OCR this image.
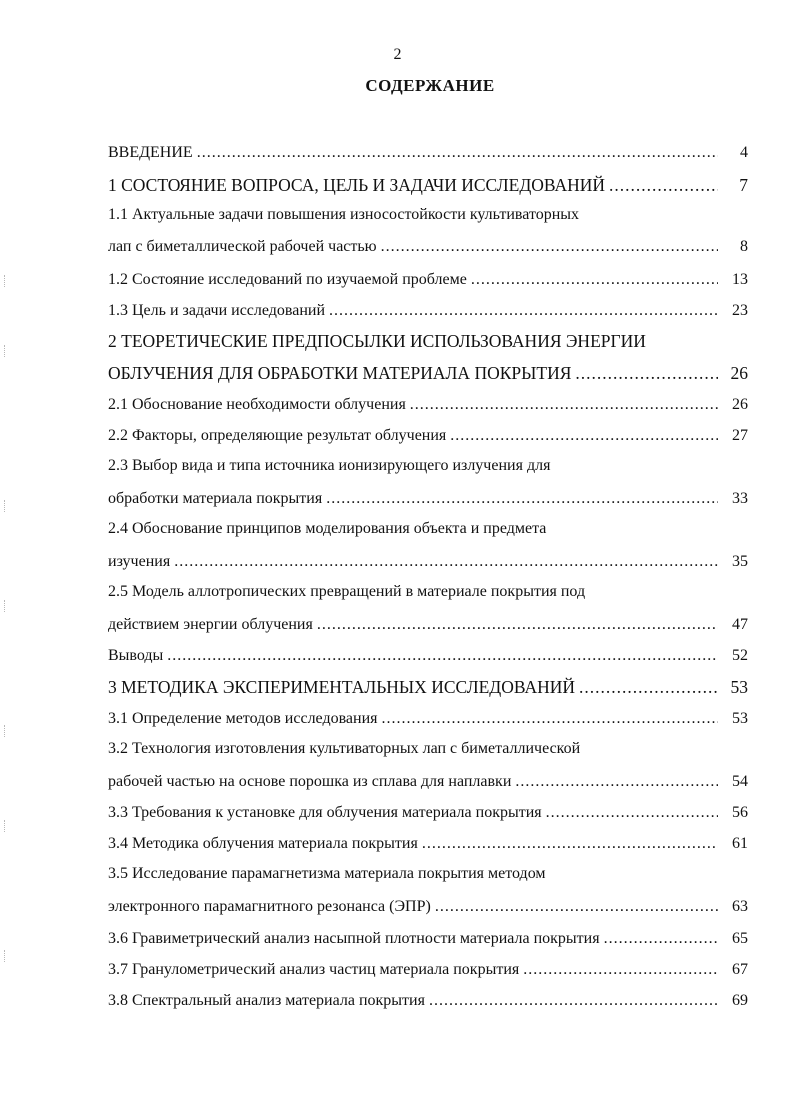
2
СОДЕРЖАНИЕ
ВВЕДЕНИЕ .....	4
1 СОСТОЯНИЕ ВОПРОСА, ЦЕЛЬ И ЗАДАЧИ ИССЛЕДОВАНИЙ .....	7
1.1 Актуальные задачи повышения износостойкости культиваторных
лап с биметаллической рабочей частью .....	8
1.2 Состояние исследований по изучаемой проблеме .....	13
1.3 Цель и задачи исследований .....	23
2 ТЕОРЕТИЧЕСКИЕ ПРЕДПОСЫЛКИ ИСПОЛЬЗОВАНИЯ ЭНЕРГИИ
ОБЛУЧЕНИЯ ДЛЯ ОБРАБОТКИ МАТЕРИАЛА ПОКРЫТИЯ .....	26
2.1 Обоснование необходимости облучения .....	26
2.2 Факторы, определяющие результат облучения .....	27
2.3 Выбор вида и типа источника ионизирующего излучения для
обработки материала покрытия .....	33
2.4 Обоснование принципов моделирования объекта и предмета
изучения .....	35
2.5 Модель аллотропических превращений в материале покрытия под
действием энергии облучения .....	47
Выводы .....	52
3 МЕТОДИКА ЭКСПЕРИМЕНТАЛЬНЫХ ИССЛЕДОВАНИЙ .....	53
3.1 Определение методов исследования .....	53
3.2 Технология изготовления культиваторных лап с биметаллической
рабочей частью на основе порошка из сплава для наплавки .....	54
3.3 Требования к установке для облучения материала покрытия .....	56
3.4 Методика облучения материала покрытия .....	61
3.5 Исследование парамагнетизма материала покрытия методом
электронного парамагнитного резонанса (ЭПР) .....	63
3.6 Гравиметрический анализ насыпной плотности материала покрытия .....	65
3.7 Гранулометрический анализ частиц материала покрытия .....	67
3.8 Спектральный анализ материала покрытия .....	69
